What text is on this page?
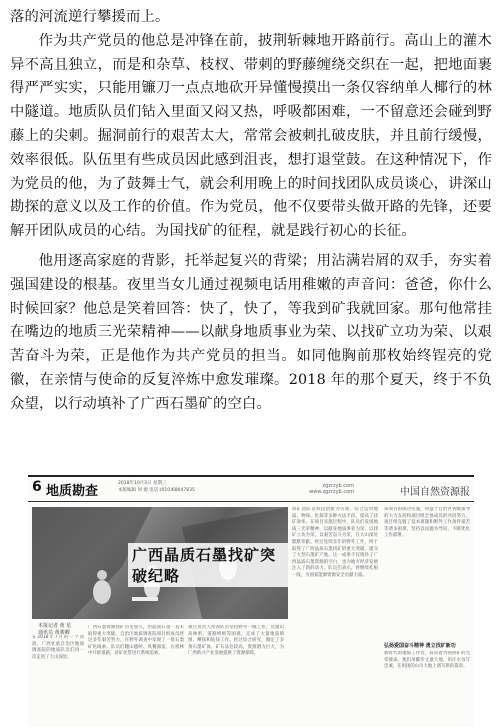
落的河流逆行攀援而上。

作为共产党员的他总是冲锋在前，披荆斩棘地开路前行。高山上的灌木异不高且独立，而是和杂草、枝杈、带刺的野藤缠绕交织在一起，把地面裹得严严实实，只能用镰刀一点点地砍开异懂慢摸出一条仅容纳单人椰行的林中隧道。地质队员们钻入里面又闷又热，呼吸都困难，一不留意还会碰到野藤上的尖刺。掘洞前行的艰苦太大，常常会被刺扎破皮肤，并且前行缓慢，效率很低。队伍里有些成员因此感到沮丧，想打退堂鼓。在这种情况下，作为党员的他，为了鼓舞士气，就会利用晚上的时间找团队成员谈心，讲深山勘探的意义以及工作的价值。作为党员，他不仅要带头做开路的先锋，还要解开团队成员的心结。为国找矿的征程，就是践行初心的长征。

他用逐高家庭的背影，托举起复兴的背梁；用沾满岩屑的双手，夯实着强国建设的根基。夜里当女儿通过视频电话用稚嫩的声音问：爸爸，你什么时候回家？他总是笑着回答：快了，快了，等我到矿我就回家。那句他常挂在嘴边的地质三光荣精神——以献身地质事业为荣、以找矿立功为荣、以艰苦奋斗为荣，正是他作为共产党员的担当。如同他胸前那枚始终锃亮的党徽，在亲情与使命的反复淬炼中愈发璀璨。2018 年的那个夏天，终于不负众望，以行动填补了广西石墨矿的空白。

6 地质勘查
2018年10月3日 星期三
本版编辑 刘 源 电话:(010)68047835
zgzrzyb.com
www.zgzrzyb.com	中国自然资源报
广西晶质石墨找矿突破纪略
本报记者 黄 星
通讯员 黄骏卿
在2018年7月的一个清晨，广西壮族自治区地质调查院的地质队员们再一次走进了大山深处。
广西石墨资源找矿历史悠久，但晶质石墨一直未取得重大突破。自治区地质调查院项目组成员经过多年艰苦努力，在野外调查中发现了一批石墨矿化线索。队员们翻山越岭、风餐露宿，在密林中开辟道路，对矿化带进行系统追索。
项目负责人带领队员坚持野外一线工作，克服山高林密、道路崎岖等困难，完成了大量地质填图、槽探和钻探工作。经过综合研究，圈定了多条石墨矿体，矿石品位较高，资源潜力巨大，为广西新兴产业发展提供了资源保障。
找矿团队以科技创新为引领，综合运用地质、物探、化探等多种方法手段，提高了找矿效率。在项目实施过程中，队员们发扬地质三光荣精神，以献身地质事业为荣，以找矿立功为荣，以艰苦奋斗为荣，在大山深处默默奉献。经过连续多年的野外工作，终于取得了广西晶质石墨找矿的重大突破，提交了大型石墨矿产地。这一成果不仅填补了广西晶质石墨资源的空白，也为地方经济发展注入了新的动力。队员们表示，将继续扎根一线，为国家能源资源安全贡献力量。
该项目的成功实施，得益于自治区各级领导的大力支持和项目组全体成员的共同努力。项目组克服了技术难题和野外工作条件艰苦等诸多困难，坚持以问题为导向，不断优化工作部署。
弘扬爱国奋斗精神 勇立找矿新功
新时代的地质工作者，肩负着为国找矿的光荣使命。他们用脚步丈量大地，用汗水书写忠诚，在祖国的山川大地上谱写新的篇章。
